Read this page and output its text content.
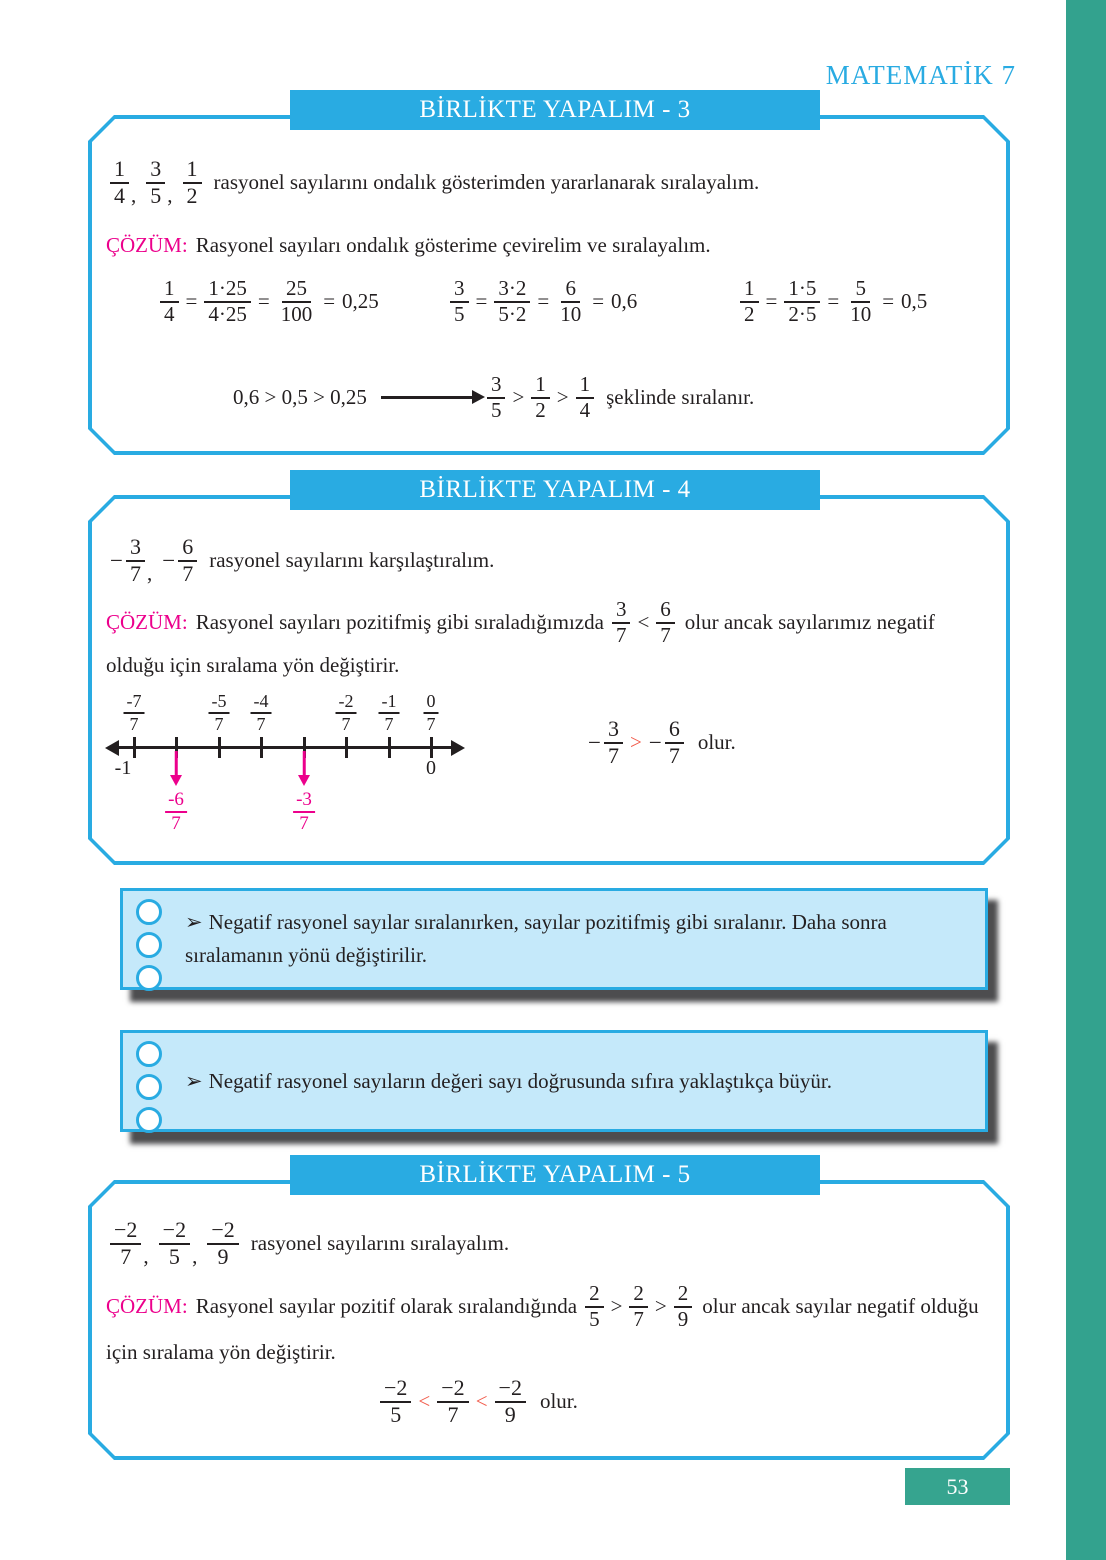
MATEMATİK 7
BİRLİKTE YAPALIM - 3
$\frac{1}{4}$ , $\frac{3}{5}$ , $\frac{1}{2}$ rasyonel sayılarını ondalık gösterimden yararlanarak sıralayalım.
ÇÖZÜM: Rasyonel sayıları ondalık gösterime çevirelim ve sıralayalım.
$\frac{1}{4} = \frac{1\cdot 25}{4\cdot 25} = \frac{25}{100} = 0,25$	$\frac{3}{5} = \frac{3\cdot 2}{5\cdot 2} = \frac{6}{10} = 0,6$	$\frac{1}{2} = \frac{1\cdot 5}{2\cdot 5} = \frac{5}{10} = 0,5$
0,6 > 0,5 > 0,25	$\frac{3}{5} > \frac{1}{2} > \frac{1}{4}$ şeklinde sıralanır.
BİRLİKTE YAPALIM - 4
− $\frac{3}{7}$ ,
− $\frac{6}{7}$ rasyonel sayılarını karşılaştıralım.
ÇÖZÜM: Rasyonel sayıları pozitifmiş gibi sıraladığımızda $\frac{3}{7} < \frac{6}{7}$ olur ancak sayılarımız negatif
olduğu için sıralama yön değiştirir.
-7
7
-5
7
-4
7
-2
7
-1
7
0
7
-1	0
-6
7
-3
7
− $\frac{3}{7}$ > − $\frac{6}{7}$ olur.
➢ Negatif rasyonel sayılar sıralanırken, sayılar pozitifmiş gibi sıralanır. Daha sonra sıralamanın yönü değiştirilir.
➢ Negatif rasyonel sayıların değeri sayı doğrusunda sıfıra yaklaştıkça büyür.
BİRLİKTE YAPALIM - 5
$\frac{-2}{7}$ , $\frac{-2}{5}$ , $\frac{-2}{9}$ rasyonel sayılarını sıralayalım.
ÇÖZÜM: Rasyonel sayılar pozitif olarak sıralandığında $\frac{2}{5} > \frac{2}{7} > \frac{2}{9}$ olur ancak sayılar negatif olduğu
için sıralama yön değiştirir.
$\frac{-2}{5} < \frac{-2}{7} < \frac{-2}{9}$ olur.
53
